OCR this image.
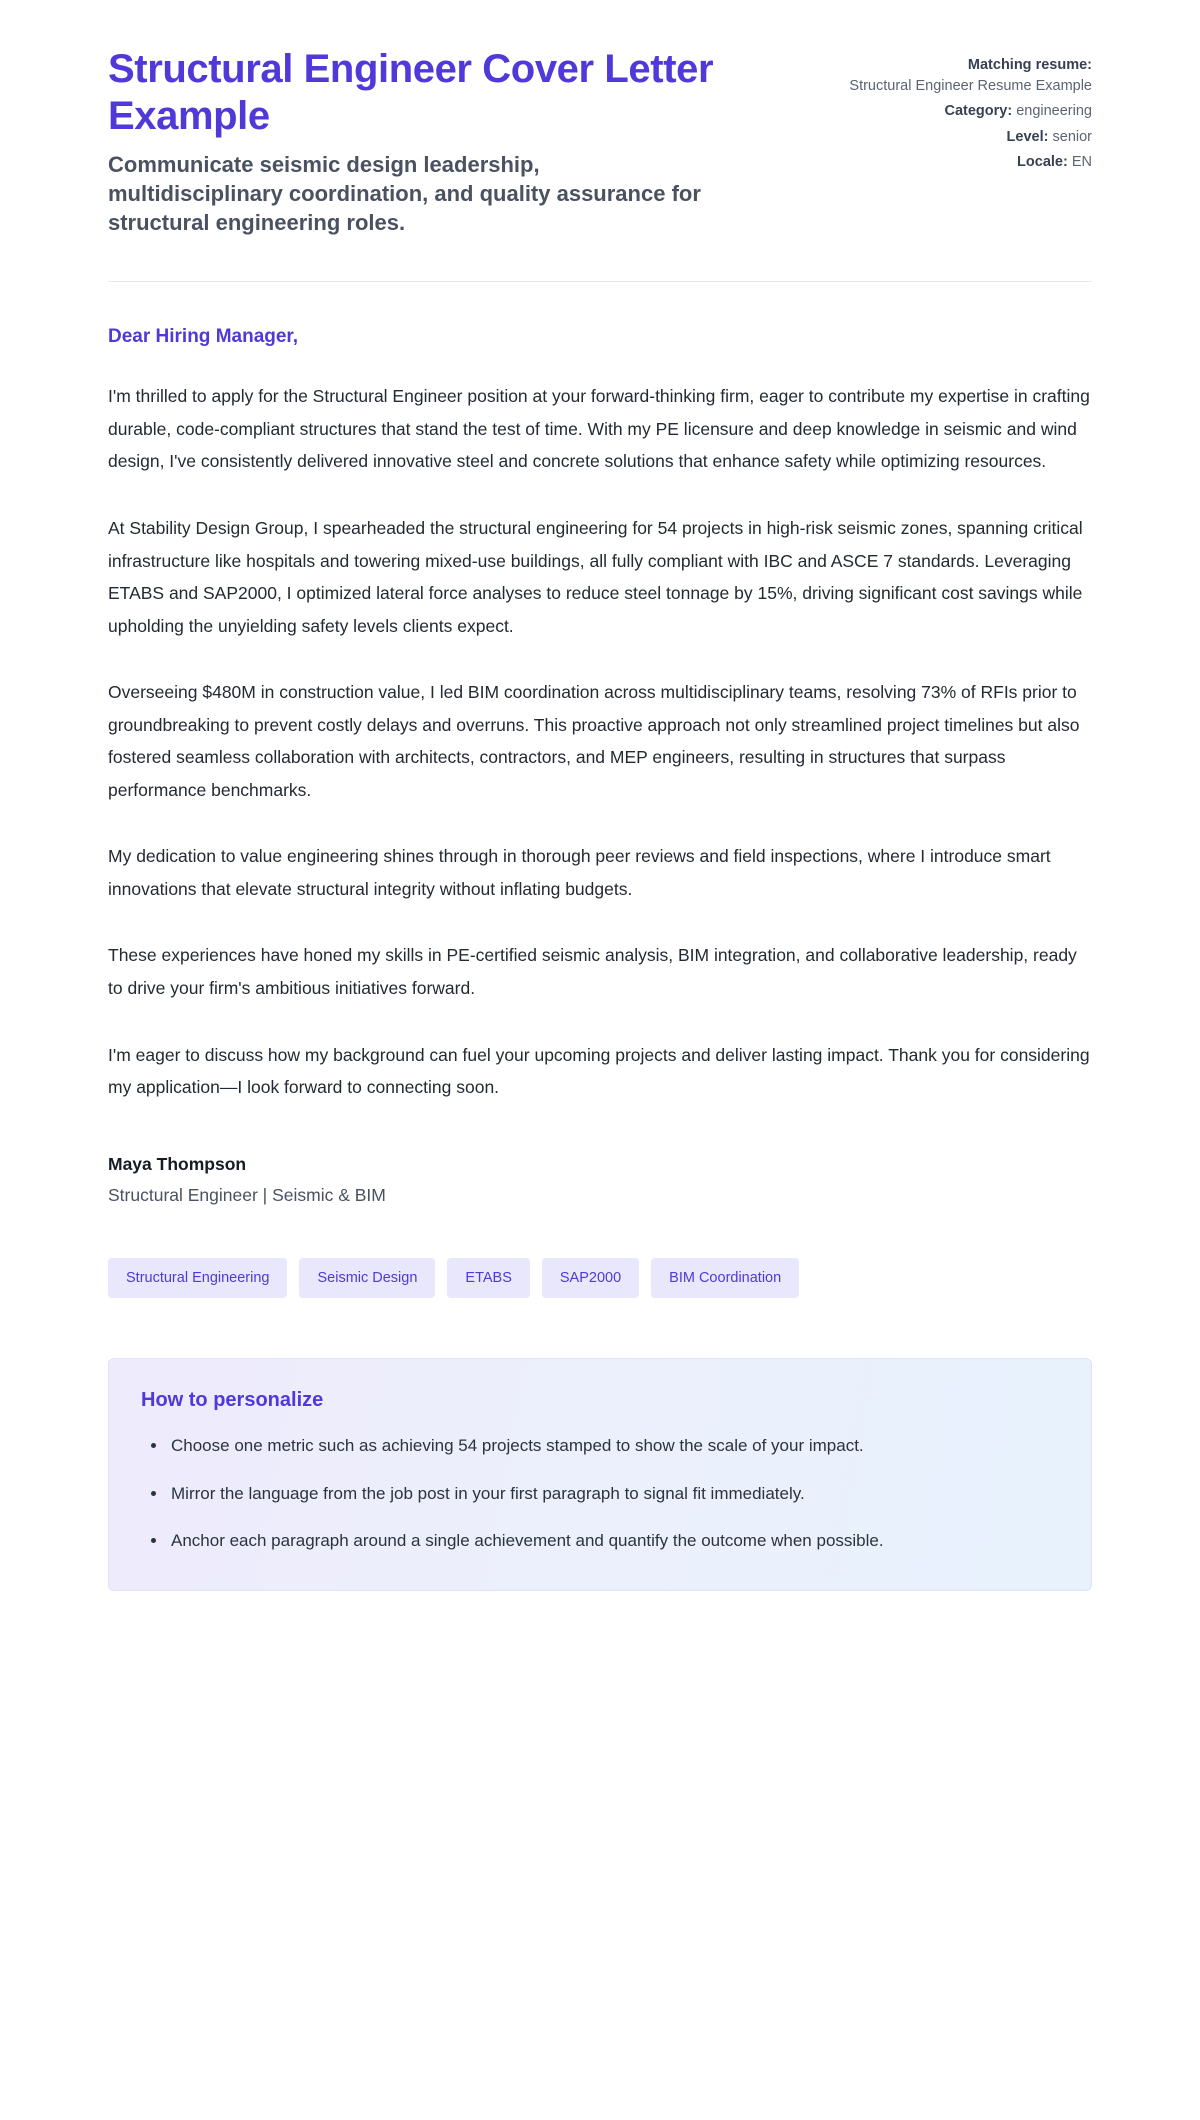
Structural Engineer Cover Letter Example

Communicate seismic design leadership, multidisciplinary coordination, and quality assurance for structural engineering roles.

Matching resume:
Structural Engineer Resume Example
Category: engineering
Level: senior
Locale: EN

Dear Hiring Manager,

I'm thrilled to apply for the Structural Engineer position at your forward-thinking firm, eager to contribute my expertise in crafting durable, code-compliant structures that stand the test of time. With my PE licensure and deep knowledge in seismic and wind design, I've consistently delivered innovative steel and concrete solutions that enhance safety while optimizing resources.

At Stability Design Group, I spearheaded the structural engineering for 54 projects in high-risk seismic zones, spanning critical infrastructure like hospitals and towering mixed-use buildings, all fully compliant with IBC and ASCE 7 standards. Leveraging ETABS and SAP2000, I optimized lateral force analyses to reduce steel tonnage by 15%, driving significant cost savings while upholding the unyielding safety levels clients expect.

Overseeing $480M in construction value, I led BIM coordination across multidisciplinary teams, resolving 73% of RFIs prior to groundbreaking to prevent costly delays and overruns. This proactive approach not only streamlined project timelines but also fostered seamless collaboration with architects, contractors, and MEP engineers, resulting in structures that surpass performance benchmarks.

My dedication to value engineering shines through in thorough peer reviews and field inspections, where I introduce smart innovations that elevate structural integrity without inflating budgets.

These experiences have honed my skills in PE-certified seismic analysis, BIM integration, and collaborative leadership, ready to drive your firm's ambitious initiatives forward.

I'm eager to discuss how my background can fuel your upcoming projects and deliver lasting impact. Thank you for considering my application—I look forward to connecting soon.

Maya Thompson

Structural Engineer | Seismic & BIM

Structural Engineering	Seismic Design	ETABS	SAP2000	BIM Coordination
How to personalize
Choose one metric such as achieving 54 projects stamped to show the scale of your impact.
Mirror the language from the job post in your first paragraph to signal fit immediately.
Anchor each paragraph around a single achievement and quantify the outcome when possible.
